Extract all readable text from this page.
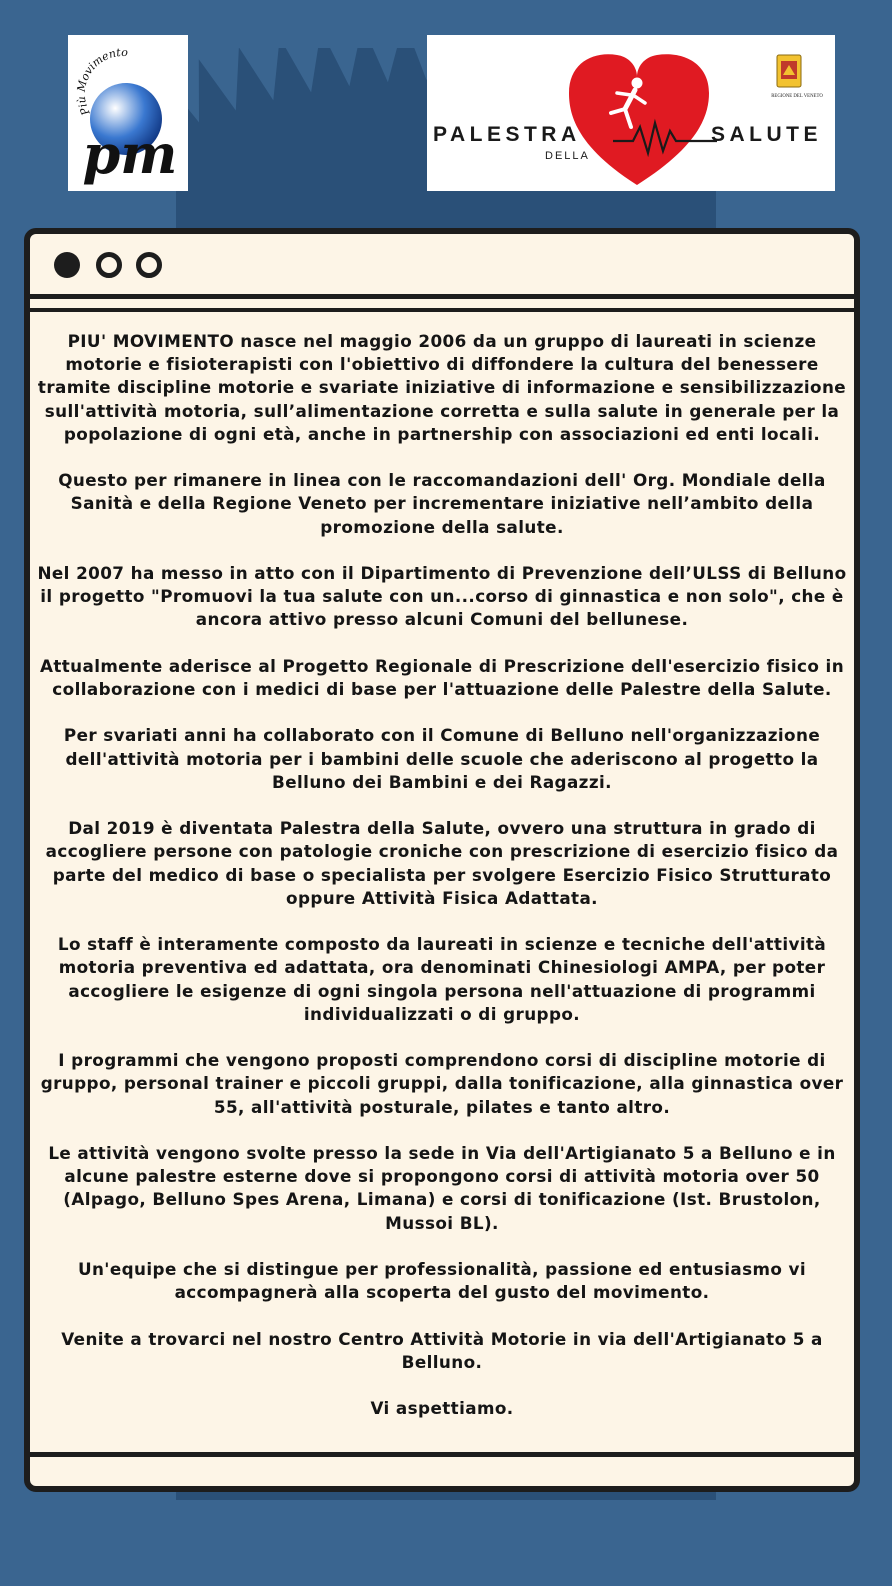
Più Movimento
pm	PALESTRA
DELLA
SALUTE
REGIONE DEL VENETO

PIU' MOVIMENTO nasce nel maggio 2006 da un gruppo di laureati in scienze motorie e fisioterapisti con l'obiettivo di diffondere la cultura del benessere tramite discipline motorie e svariate iniziative di informazione e sensibilizzazione sull'attività motoria, sull’alimentazione corretta e sulla salute in generale per la popolazione di ogni età, anche in partnership con associazioni ed enti locali.

Questo per rimanere in linea con le raccomandazioni dell' Org. Mondiale della Sanità e della Regione Veneto per incrementare iniziative nell’ambito della promozione della salute.

Nel 2007 ha messo in atto con il Dipartimento di Prevenzione dell’ULSS di Belluno il progetto "Promuovi la tua salute con un...corso di ginnastica e non solo", che è ancora attivo presso alcuni Comuni del bellunese.

Attualmente aderisce al Progetto Regionale di Prescrizione dell'esercizio fisico in collaborazione con i medici di base per l'attuazione delle Palestre della Salute.

Per svariati anni ha collaborato con il Comune di Belluno nell'organizzazione dell'attività motoria per i bambini delle scuole che aderiscono al progetto la Belluno dei Bambini e dei Ragazzi.

Dal 2019 è diventata Palestra della Salute, ovvero una struttura in grado di accogliere persone con patologie croniche con prescrizione di esercizio fisico da parte del medico di base o specialista per svolgere Esercizio Fisico Strutturato oppure Attività Fisica Adattata.

Lo staff è interamente composto da laureati in scienze e tecniche dell'attività motoria preventiva ed adattata, ora denominati Chinesiologi AMPA, per poter accogliere le esigenze di ogni singola persona nell'attuazione di programmi individualizzati o di gruppo.

I programmi che vengono proposti comprendono corsi di discipline motorie di gruppo, personal trainer e piccoli gruppi, dalla tonificazione, alla ginnastica over 55, all'attività posturale, pilates e tanto altro.

Le attività vengono svolte presso la sede in Via dell'Artigianato 5 a Belluno e in alcune palestre esterne dove si propongono corsi di attività motoria over 50 (Alpago, Belluno Spes Arena, Limana) e corsi di tonificazione (Ist. Brustolon, Mussoi BL).

Un'equipe che si distingue per professionalità, passione ed entusiasmo vi accompagnerà alla scoperta del gusto del movimento.

Venite a trovarci nel nostro Centro Attività Motorie in via dell'Artigianato 5 a Belluno.

Vi aspettiamo.
